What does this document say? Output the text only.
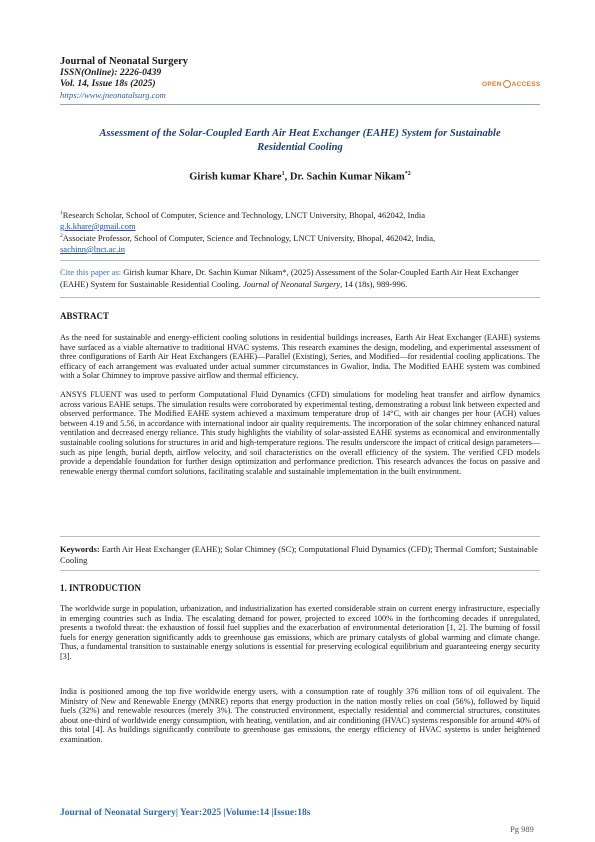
Journal of Neonatal Surgery
ISSN(Online): 2226-0439
Vol. 14, Issue 18s (2025)
https://www.jneonatalsurg.com
OPEN ACCESS
Assessment of the Solar-Coupled Earth Air Heat Exchanger (EAHE) System for Sustainable
Residential Cooling
Girish kumar Khare$^1$, Dr. Sachin Kumar Nikam$^{*2}$
$^1$Research Scholar, School of Computer, Science and Technology, LNCT University, Bhopal, 462042, India
g.k.khare@gmail.com
$^2$Associate Professor, School of Computer, Science and Technology, LNCT University, Bhopal, 462042, India,
sachinn@lnct.ac.in
Cite this paper as: Girish kumar Khare, Dr. Sachin Kumar Nikam*, (2025) Assessment of the Solar-Coupled Earth Air Heat Exchanger (EAHE) System for Sustainable Residential Cooling. Journal of Neonatal Surgery, 14 (18s), 989-996.
ABSTRACT
As the need for sustainable and energy-efficient cooling solutions in residential buildings increases, Earth Air Heat Exchanger (EAHE) systems have surfaced as a viable alternative to traditional HVAC systems. This research examines the design, modeling, and experimental assessment of three configurations of Earth Air Heat Exchangers (EAHE)—Parallel (Existing), Series, and Modified—for residential cooling applications. The efficacy of each arrangement was evaluated under actual summer circumstances in Gwalior, India. The Modified EAHE system was combined with a Solar Chimney to improve passive airflow and thermal efficiency.
ANSYS FLUENT was used to perform Computational Fluid Dynamics (CFD) simulations for modeling heat transfer and airflow dynamics across various EAHE setups. The simulation results were corroborated by experimental testing, demonstrating a robust link between expected and observed performance. The Modified EAHE system achieved a maximum temperature drop of 14°C, with air changes per hour (ACH) values between 4.19 and 5.56, in accordance with international indoor air quality requirements. The incorporation of the solar chimney enhanced natural ventilation and decreased energy reliance. This study highlights the viability of solar-assisted EAHE systems as economical and environmentally sustainable cooling solutions for structures in arid and high-temperature regions. The results underscore the impact of critical design parameters—such as pipe length, burial depth, airflow velocity, and soil characteristics on the overall efficiency of the system. The verified CFD models provide a dependable foundation for further design optimization and performance prediction. This research advances the focus on passive and renewable energy thermal comfort solutions, facilitating scalable and sustainable implementation in the built environment.
Keywords: Earth Air Heat Exchanger (EAHE); Solar Chimney (SC); Computational Fluid Dynamics (CFD); Thermal Comfort; Sustainable Cooling
1. INTRODUCTION
The worldwide surge in population, urbanization, and industrialization has exerted considerable strain on current energy infrastructure, especially in emerging countries such as India. The escalating demand for power, projected to exceed 100% in the forthcoming decades if unregulated, presents a twofold threat: the exhaustion of fossil fuel supplies and the exacerbation of environmental deterioration [1, 2]. The burning of fossil fuels for energy generation significantly adds to greenhouse gas emissions, which are primary catalysts of global warming and climate change. Thus, a fundamental transition to sustainable energy solutions is essential for preserving ecological equilibrium and guaranteeing energy security [3].
India is positioned among the top five worldwide energy users, with a consumption rate of roughly 376 million tons of oil equivalent. The Ministry of New and Renewable Energy (MNRE) reports that energy production in the nation mostly relies on coal (56%), followed by liquid fuels (32%) and renewable resources (merely 3%). The constructed environment, especially residential and commercial structures, constitutes about one-third of worldwide energy consumption, with heating, ventilation, and air conditioning (HVAC) systems responsible for around 40% of this total [4]. As buildings significantly contribute to greenhouse gas emissions, the energy efficiency of HVAC systems is under heightened examination.
Journal of Neonatal Surgery| Year:2025 |Volume:14 |Issue:18s
Pg 989
